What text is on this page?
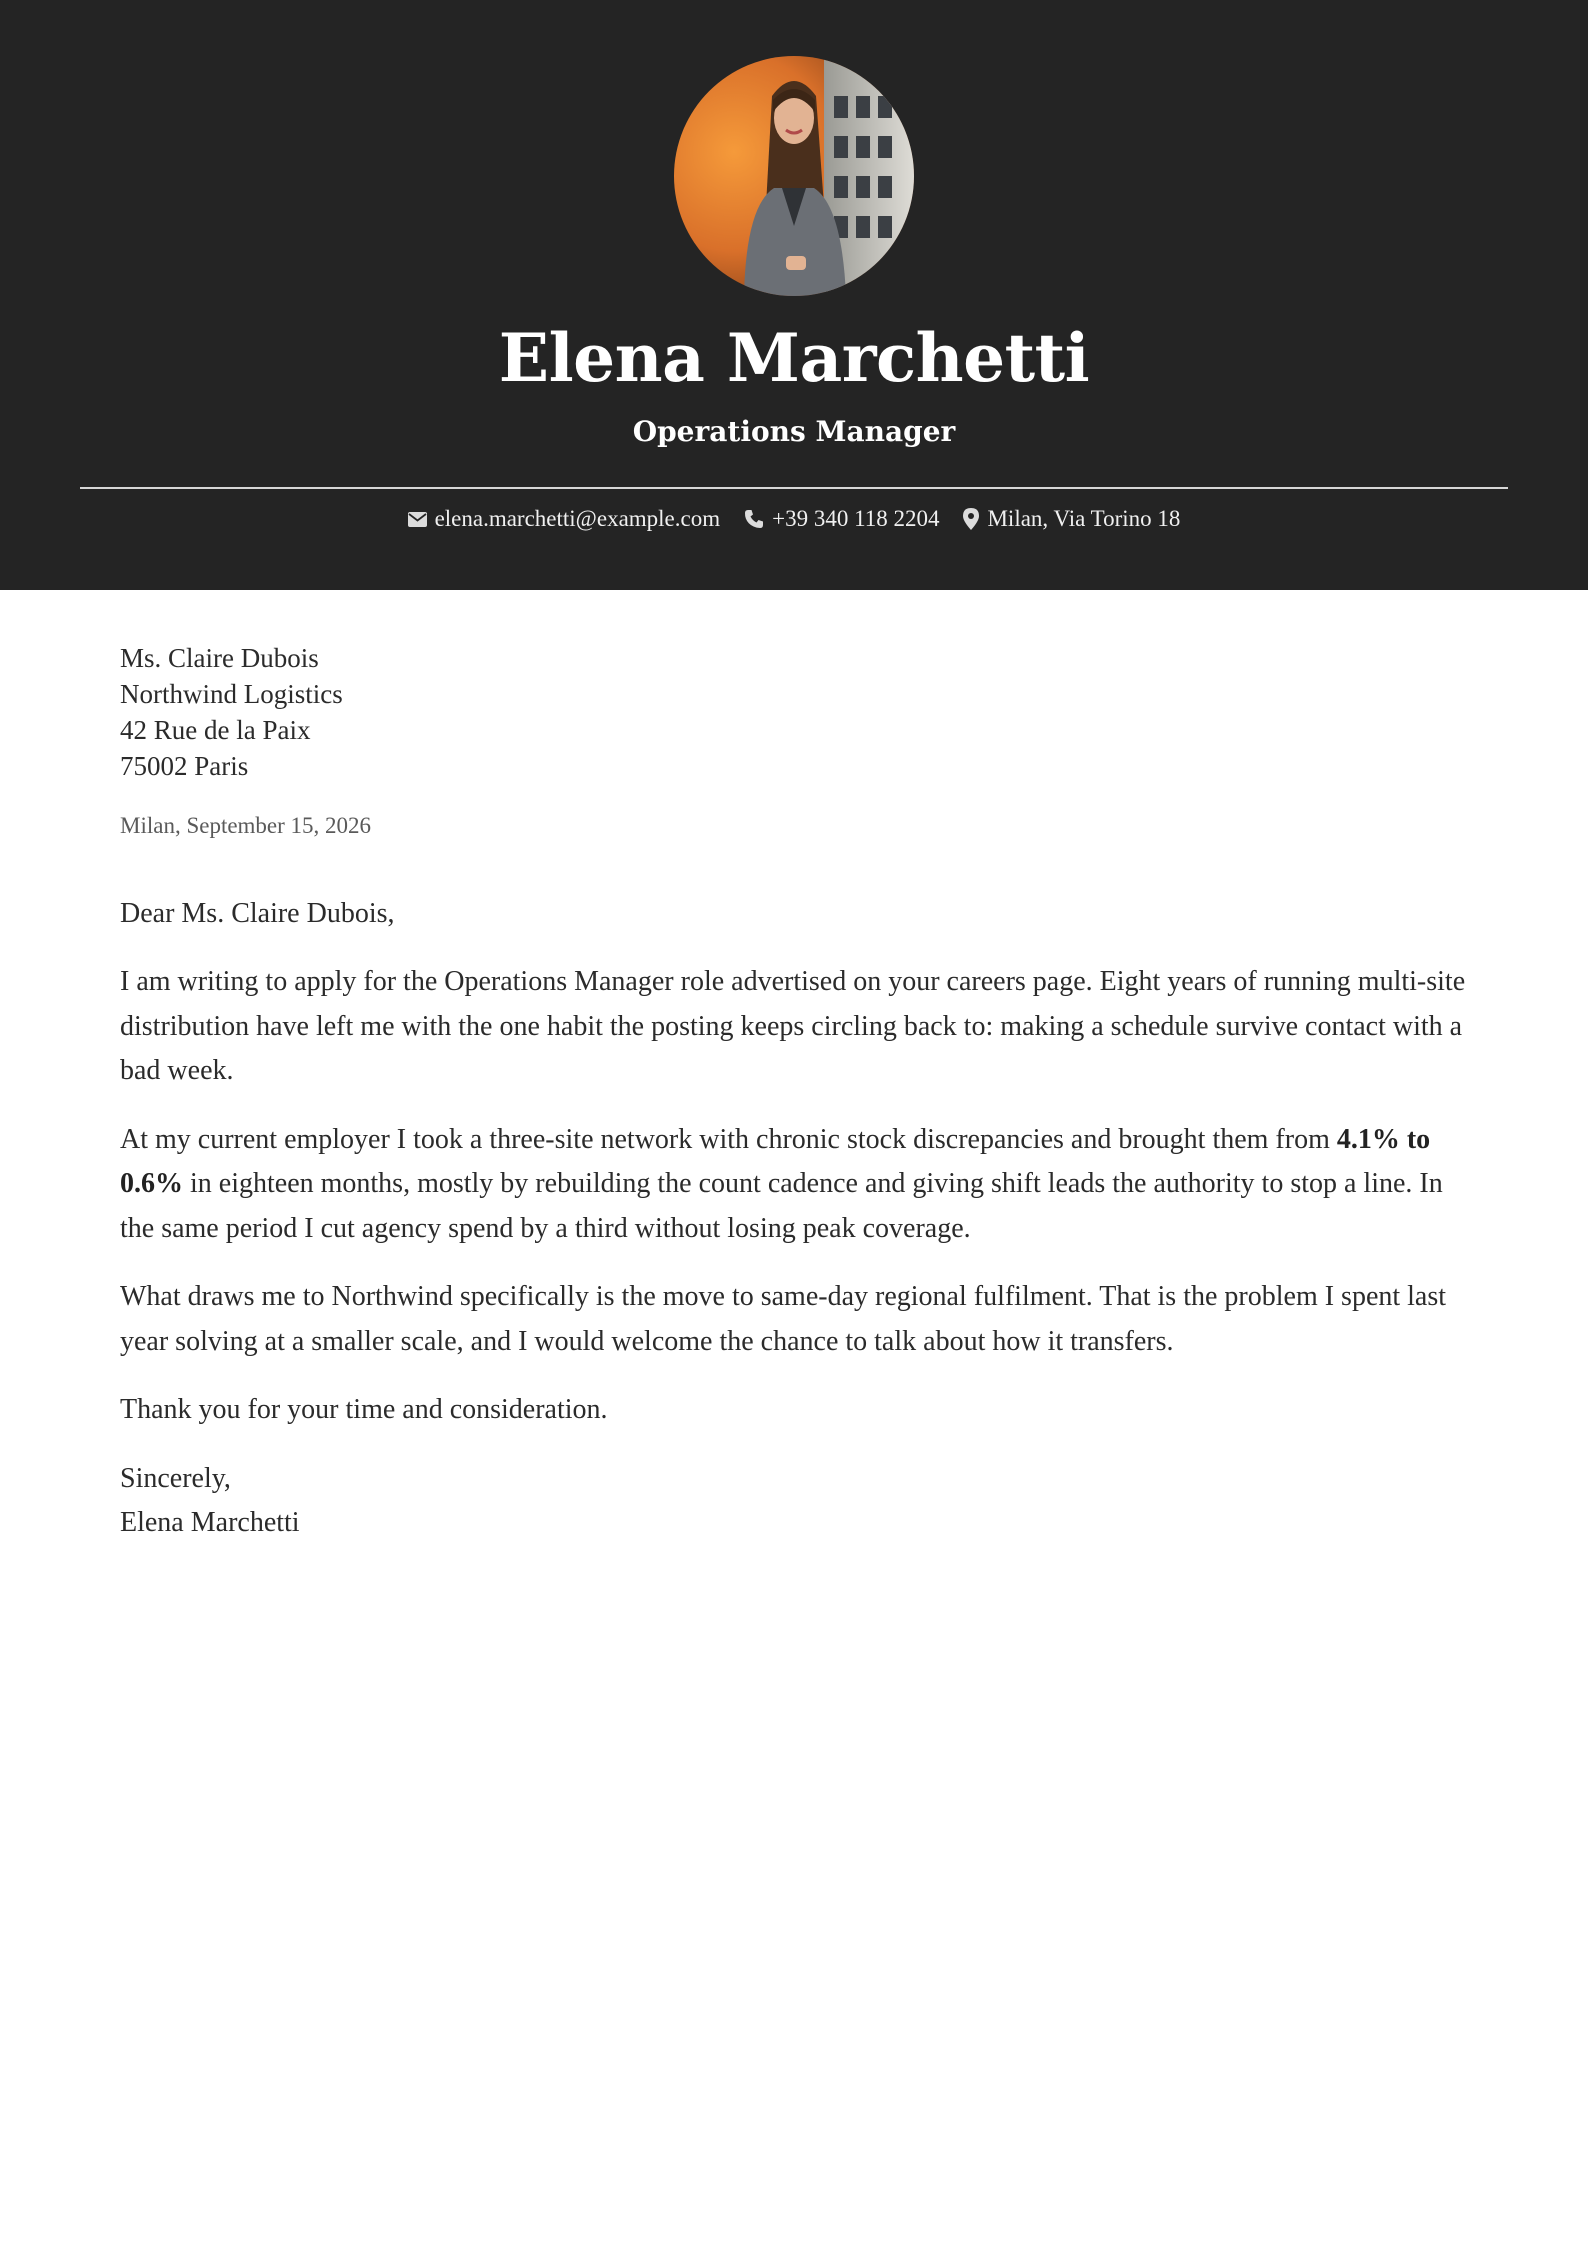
Elena Marchetti
Operations Manager
elena.marchetti@example.com +39 340 118 2204 Milan, Via Torino 18
Ms. Claire Dubois
Northwind Logistics
42 Rue de la Paix
75002 Paris
Milan, September 15, 2026
Dear Ms. Claire Dubois,
I am writing to apply for the Operations Manager role advertised on your careers page. Eight years of running multi-site distribution have left me with the one habit the posting keeps circling back to: making a schedule survive contact with a bad week.
At my current employer I took a three-site network with chronic stock discrepancies and brought them from 4.1% to 0.6% in eighteen months, mostly by rebuilding the count cadence and giving shift leads the authority to stop a line. In the same period I cut agency spend by a third without losing peak coverage.
What draws me to Northwind specifically is the move to same-day regional fulfilment. That is the problem I spent last year solving at a smaller scale, and I would welcome the chance to talk about how it transfers.
Thank you for your time and consideration.
Sincerely,
Elena Marchetti
